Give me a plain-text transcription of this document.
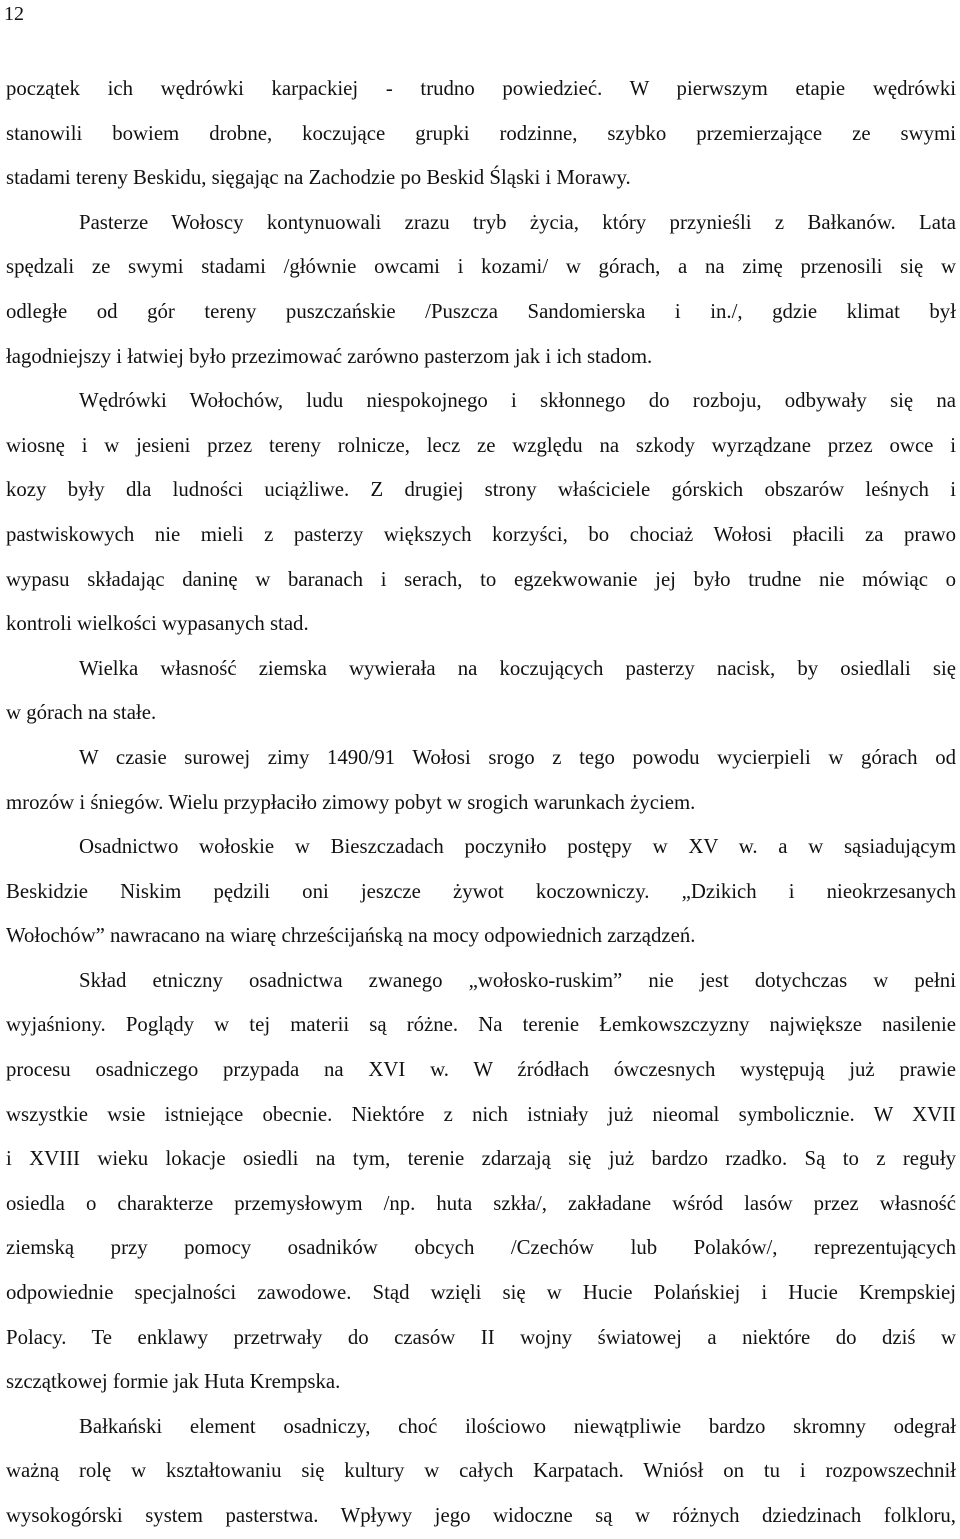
12
początek ich wędrówki karpackiej - trudno powiedzieć. W pierwszym etapie wędrówki
stanowili bowiem drobne, koczujące grupki rodzinne, szybko przemierzające ze swymi
stadami tereny Beskidu, sięgając na Zachodzie po Beskid Śląski i Morawy.
Pasterze Wołoscy kontynuowali zrazu tryb życia, który przynieśli z Bałkanów. Lata
spędzali ze swymi stadami /głównie owcami i kozami/ w górach, a na zimę przenosili się w
odległe od gór tereny puszczańskie /Puszcza Sandomierska i in./, gdzie klimat był
łagodniejszy i łatwiej było przezimować zarówno pasterzom jak i ich stadom.
Wędrówki Wołochów, ludu niespokojnego i skłonnego do rozboju, odbywały się na
wiosnę i w jesieni przez tereny rolnicze, lecz ze względu na szkody wyrządzane przez owce i
kozy były dla ludności uciążliwe. Z drugiej strony właściciele górskich obszarów leśnych i
pastwiskowych nie mieli z pasterzy większych korzyści, bo chociaż Wołosi płacili za prawo
wypasu składając daninę w baranach i serach, to egzekwowanie jej było trudne nie mówiąc o
kontroli wielkości wypasanych stad.
Wielka własność ziemska wywierała na koczujących pasterzy nacisk, by osiedlali się
w górach na stałe.
W czasie surowej zimy 1490/91 Wołosi srogo z tego powodu wycierpieli w górach od
mrozów i śniegów. Wielu przypłaciło zimowy pobyt w srogich warunkach życiem.
Osadnictwo wołoskie w Bieszczadach poczyniło postępy w XV w. a w sąsiadującym
Beskidzie Niskim pędzili oni jeszcze żywot koczowniczy. „Dzikich i nieokrzesanych
Wołochów” nawracano na wiarę chrześcijańską na mocy odpowiednich zarządzeń.
Skład etniczny osadnictwa zwanego „wołosko-ruskim” nie jest dotychczas w pełni
wyjaśniony. Poglądy w tej materii są różne. Na terenie Łemkowszczyzny największe nasilenie
procesu osadniczego przypada na XVI w. W źródłach ówczesnych występują już prawie
wszystkie wsie istniejące obecnie. Niektóre z nich istniały już nieomal symbolicznie. W XVII
i XVIII wieku lokacje osiedli na tym, terenie zdarzają się już bardzo rzadko. Są to z reguły
osiedla o charakterze przemysłowym /np. huta szkła/, zakładane wśród lasów przez własność
ziemską przy pomocy osadników obcych /Czechów lub Polaków/, reprezentujących
odpowiednie specjalności zawodowe. Stąd wzięli się w Hucie Polańskiej i Hucie Krempskiej
Polacy. Te enklawy przetrwały do czasów II wojny światowej a niektóre do dziś w
szczątkowej formie jak Huta Krempska.
Bałkański element osadniczy, choć ilościowo niewątpliwie bardzo skromny odegrał
ważną rolę w kształtowaniu się kultury w całych Karpatach. Wniósł on tu i rozpowszechnił
wysokogórski system pasterstwa. Wpływy jego widoczne są w różnych dziedzinach folkloru,
